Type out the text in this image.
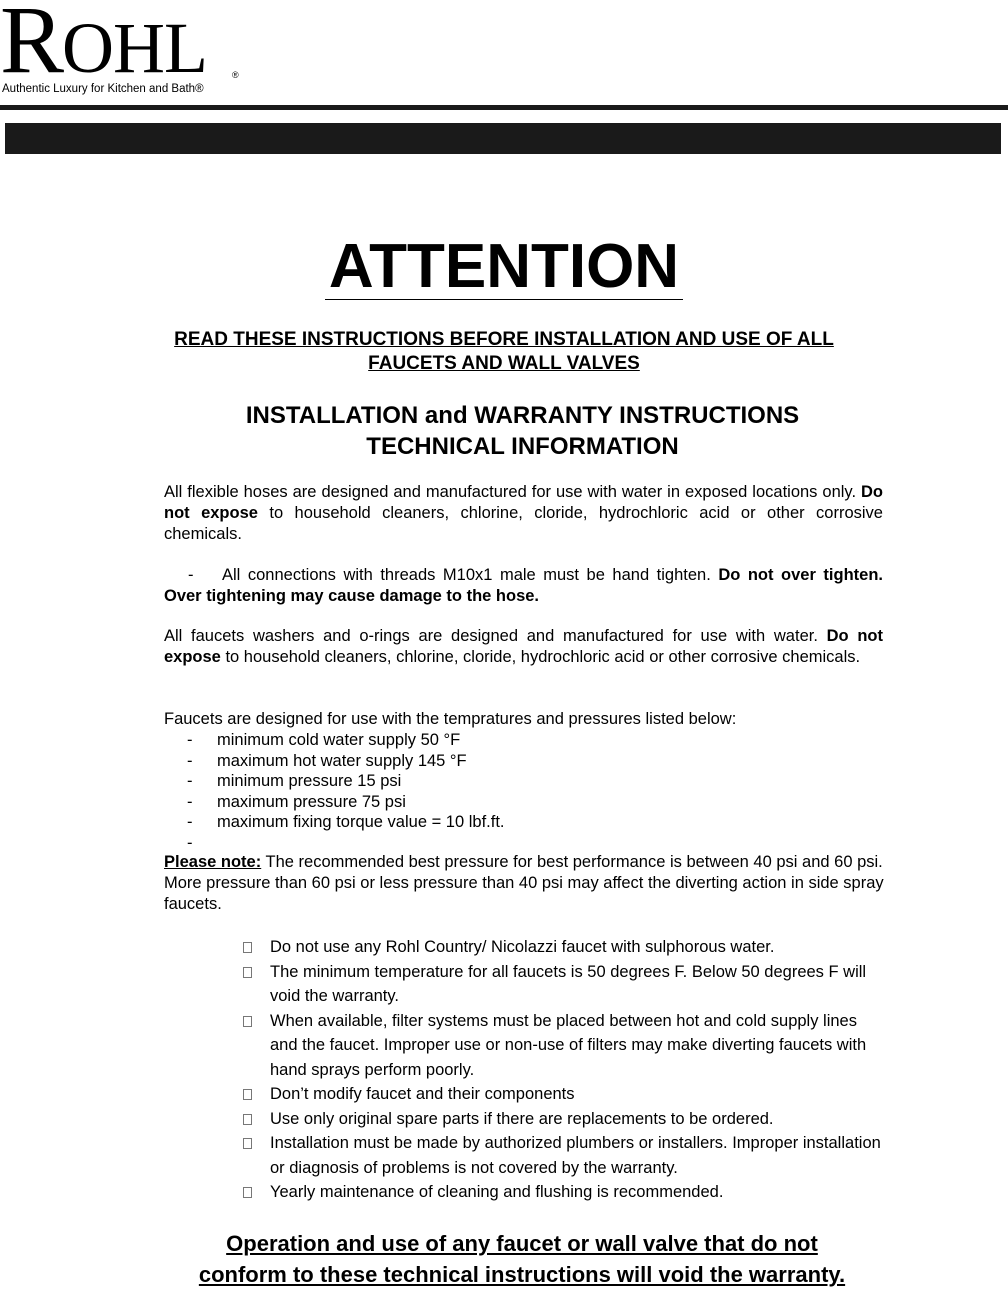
ROHL	®
Authentic Luxury for Kitchen and Bath®
ATTENTION
READ THESE INSTRUCTIONS BEFORE INSTALLATION AND USE OF ALL
FAUCETS AND WALL VALVES
INSTALLATION and WARRANTY INSTRUCTIONS
TECHNICAL INFORMATION

All flexible hoses are designed and manufactured for use with water in exposed locations only. Do not expose to household cleaners, chlorine, cloride, hydrochloric acid or other corrosive chemicals.

- All connections with threads M10x1 male must be hand tighten. Do not over tighten. Over tightening may cause damage to the hose.

All faucets washers and o-rings are designed and manufactured for use with water. Do not expose to household cleaners, chlorine, cloride, hydrochloric acid or other corrosive chemicals.

Faucets are designed for use with the tempratures and pressures listed below:
- minimum cold water supply 50 °F
- maximum hot water supply 145 °F
- minimum pressure 15 psi
- maximum pressure 75 psi
- maximum fixing torque value = 10 lbf.ft.
-

Please note: The recommended best pressure for best performance is between 40 psi and 60 psi. More pressure than 60 psi or less pressure than 40 psi may affect the diverting action in side spray faucets.

Do not use any Rohl Country/ Nicolazzi faucet with sulphorous water.
The minimum temperature for all faucets is 50 degrees F. Below 50 degrees F will void the warranty.
When available, filter systems must be placed between hot and cold supply lines and the faucet. Improper use or non-use of filters may make diverting faucets with hand sprays perform poorly.
Don’t modify faucet and their components
Use only original spare parts if there are replacements to be ordered.
Installation must be made by authorized plumbers or installers. Improper installation or diagnosis of problems is not covered by the warranty.
Yearly maintenance of cleaning and flushing is recommended.
Operation and use of any faucet or wall valve that do not
conform to these technical instructions will void the warranty.
